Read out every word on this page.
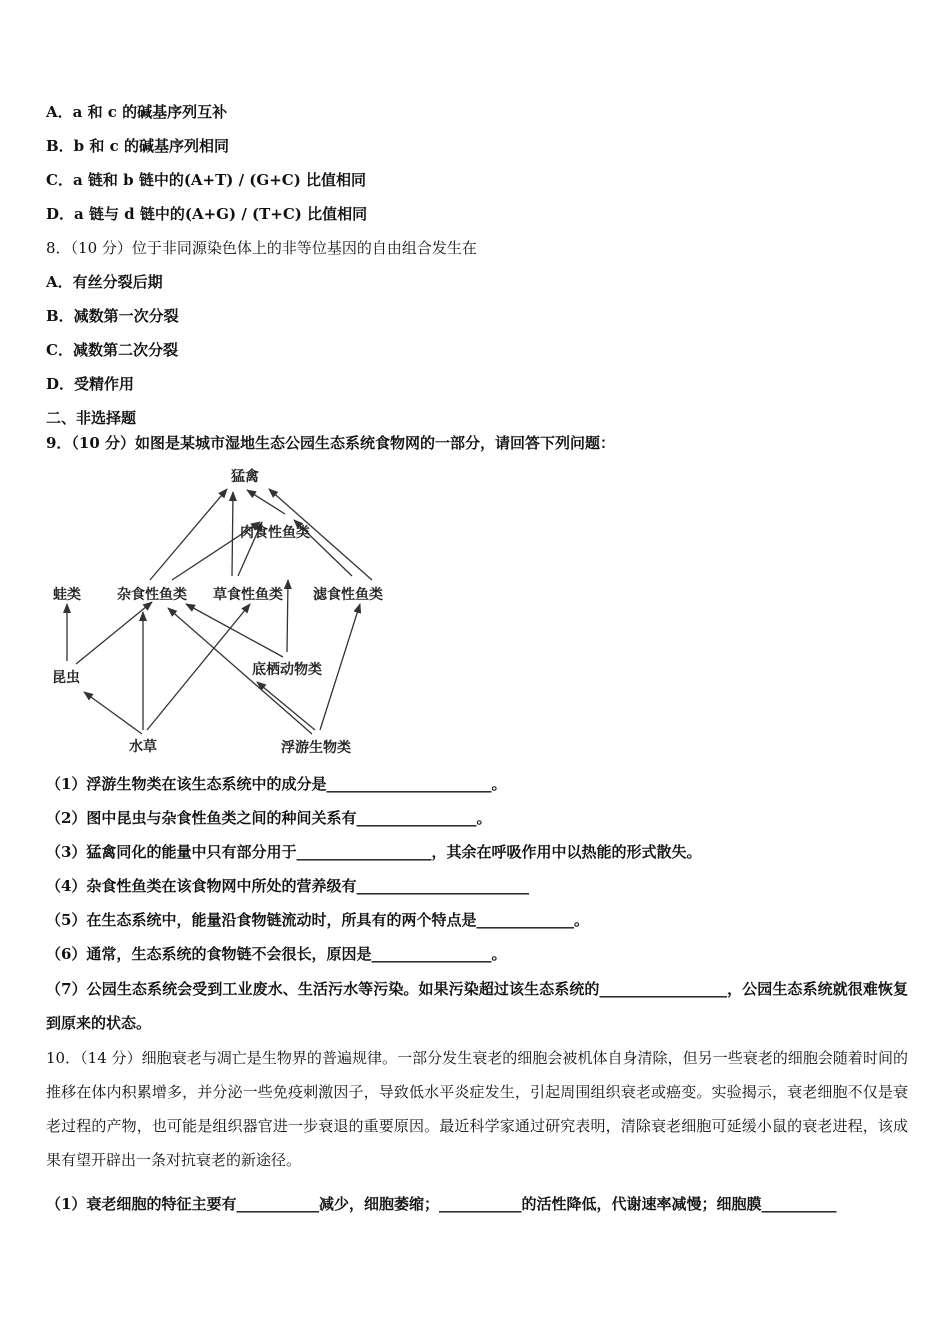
A．a 和 c 的碱基序列互补
B．b 和 c 的碱基序列相同
C．a 链和 b 链中的(A+T) / (G+C) 比值相同
D．a 链与 d 链中的(A+G) / (T+C) 比值相同
8．（10 分）位于非同源染色体上的非等位基因的自由组合发生在
A．有丝分裂后期
B．减数第一次分裂
C．减数第二次分裂
D．受精作用
二、非选择题
9．（10 分）如图是某城市湿地生态公园生态系统食物网的一部分，请回答下列问题：
猛禽
肉食性鱼类
蛙类	杂食性鱼类 草食性鱼类 滤食性鱼类
底栖动物类
昆虫
水草	浮游生物类
（1）浮游生物类在该生态系统中的成分是______________________。
（2）图中昆虫与杂食性鱼类之间的种间关系有________________。
（3）猛禽同化的能量中只有部分用于__________________，其余在呼吸作用中以热能的形式散失。
（4）杂食性鱼类在该食物网中所处的营养级有_______________________
（5）在生态系统中，能量沿食物链流动时，所具有的两个特点是_____________。
（6）通常，生态系统的食物链不会很长，原因是________________。
（7）公园生态系统会受到工业废水、生活污水等污染。如果污染超过该生态系统的_________________，公园生态系统就很难恢复到原来的状态。
10．（14 分）细胞衰老与凋亡是生物界的普遍规律。一部分发生衰老的细胞会被机体自身清除，但另一些衰老的细胞会随着时间的推移在体内积累增多，并分泌一些免疫刺激因子，导致低水平炎症发生，引起周围组织衰老或癌变。实验揭示，衰老细胞不仅是衰老过程的产物，也可能是组织器官进一步衰退的重要原因。最近科学家通过研究表明，清除衰老细胞可延缓小鼠的衰老进程，该成果有望开辟出一条对抗衰老的新途径。
（1）衰老细胞的特征主要有___________减少，细胞萎缩；___________的活性降低，代谢速率减慢；细胞膜__________
